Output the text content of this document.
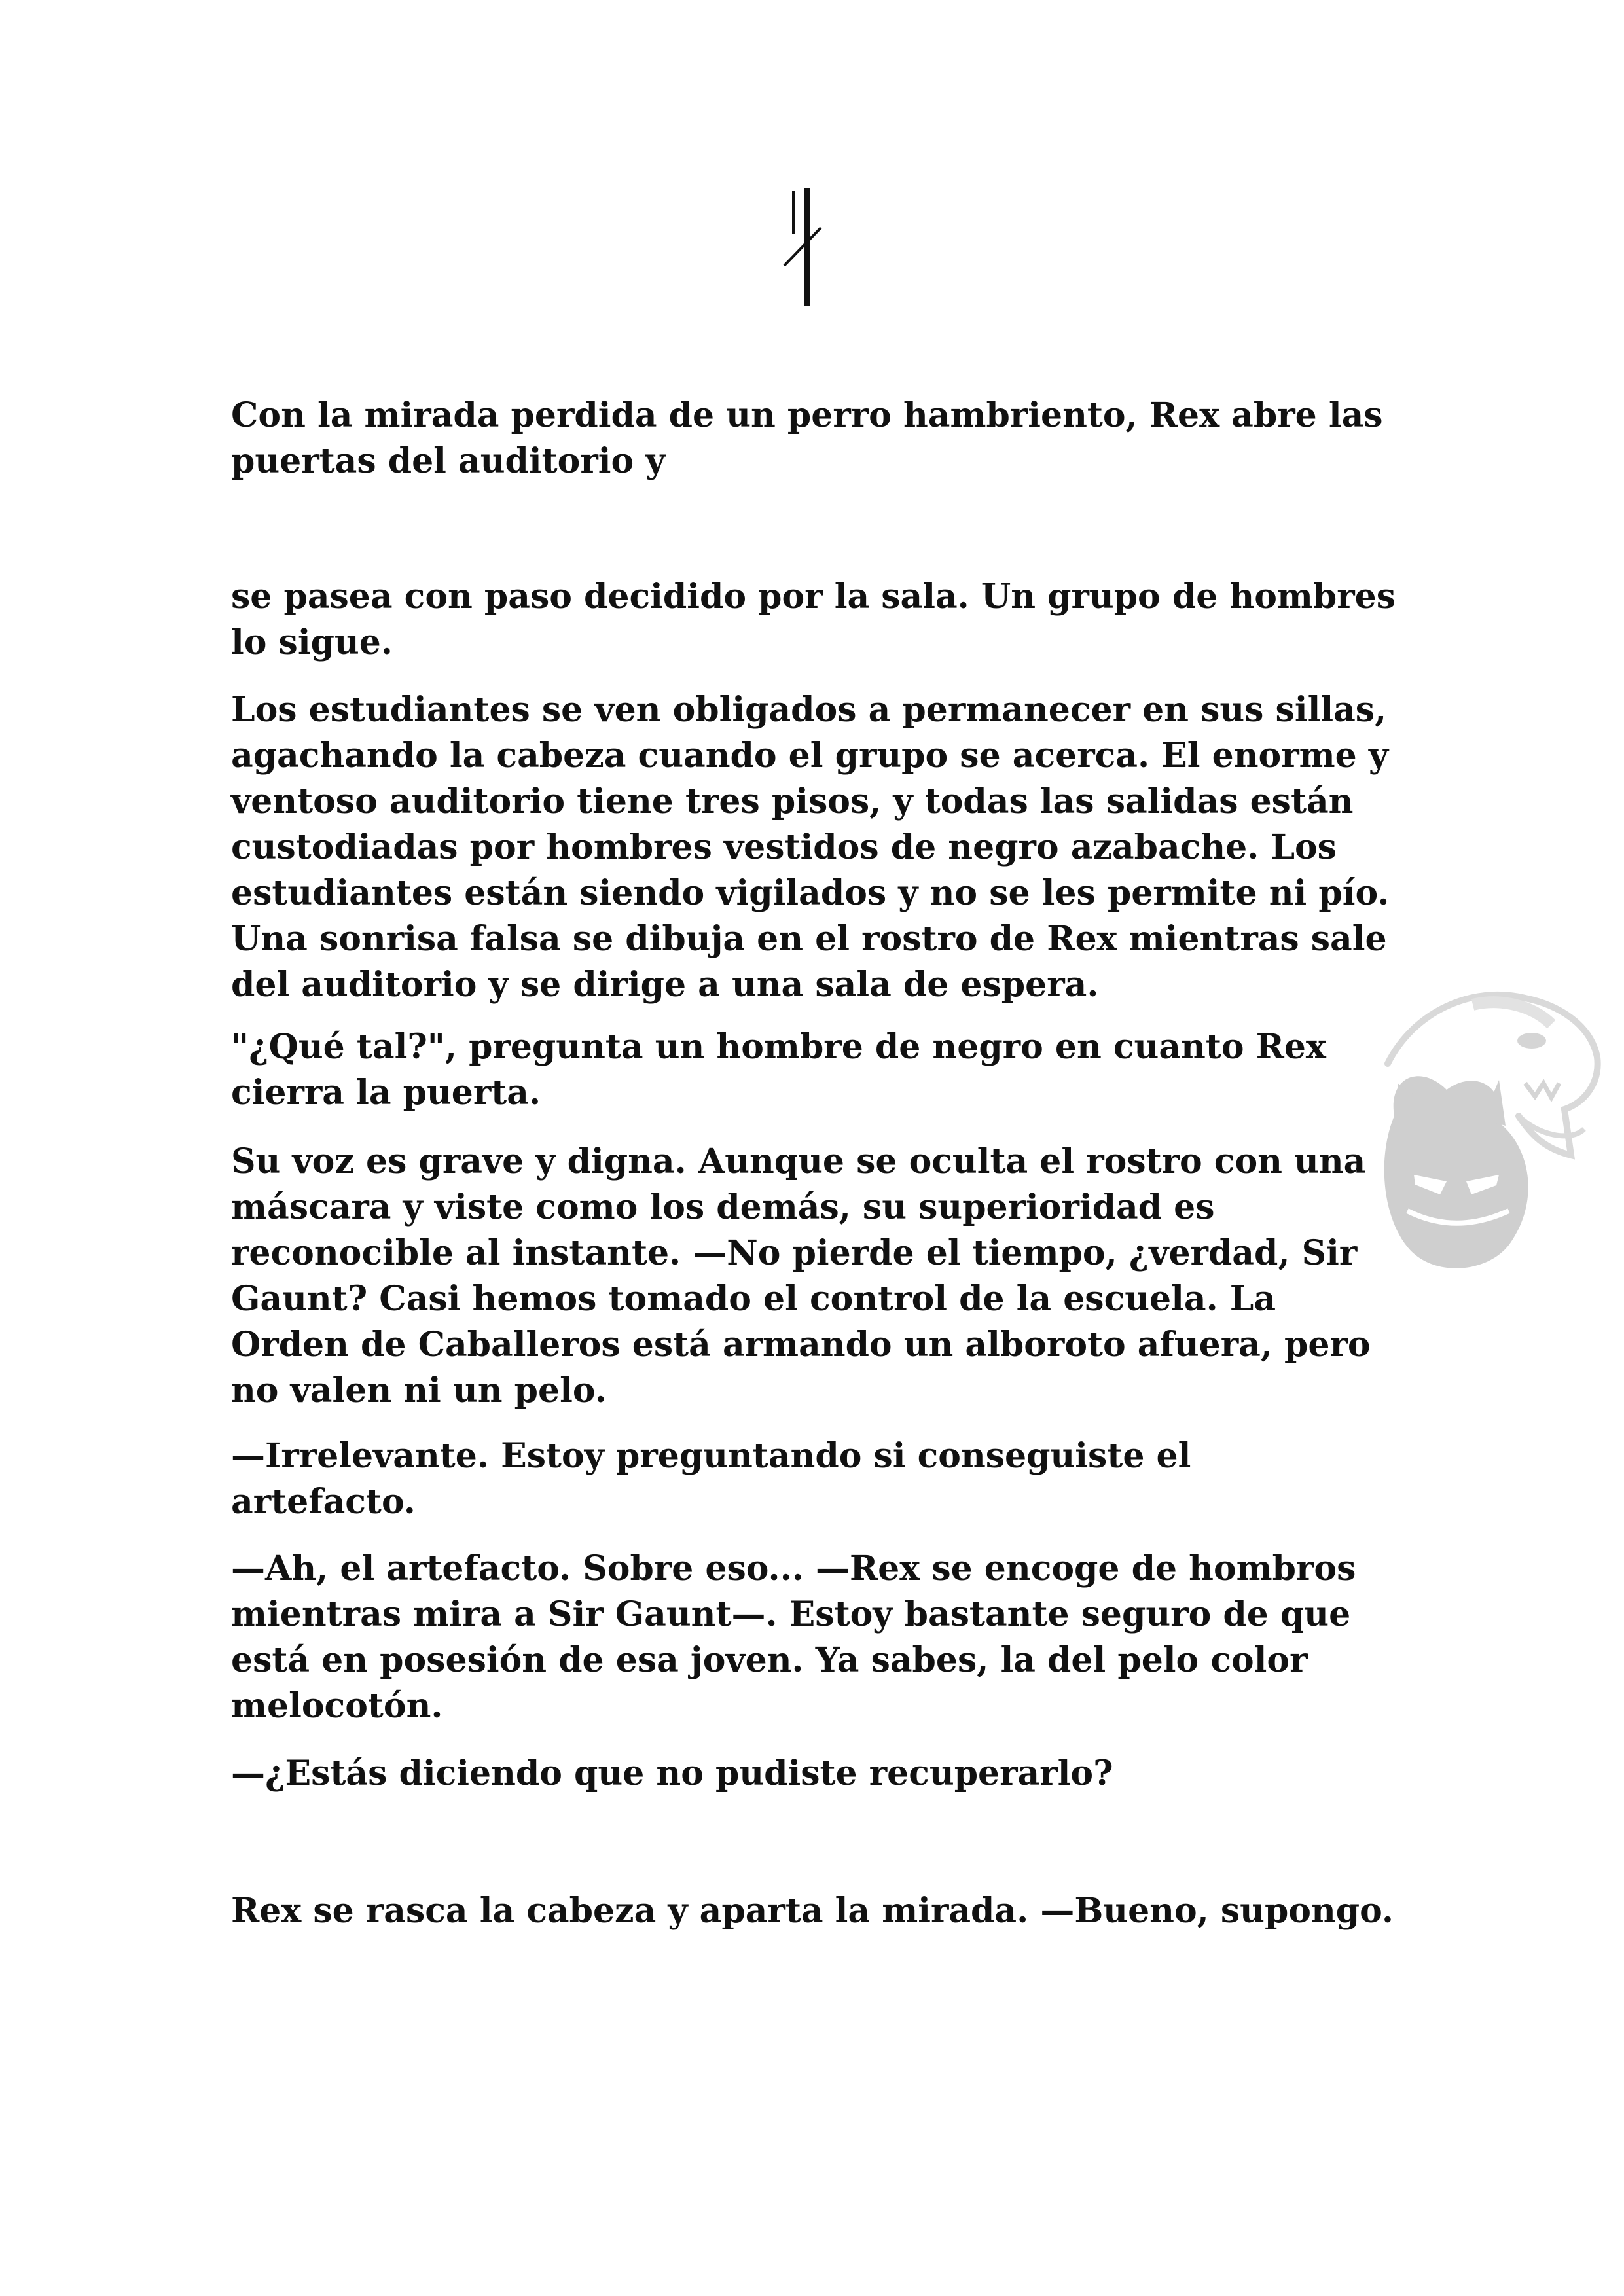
Con la mirada perdida de un perro hambriento, Rex abre las
puertas del auditorio y

se pasea con paso decidido por la sala. Un grupo de hombres
lo sigue.

Los estudiantes se ven obligados a permanecer en sus sillas,
agachando la cabeza cuando el grupo se acerca. El enorme y
ventoso auditorio tiene tres pisos, y todas las salidas están
custodiadas por hombres vestidos de negro azabache. Los
estudiantes están siendo vigilados y no se les permite ni pío.
Una sonrisa falsa se dibuja en el rostro de Rex mientras sale
del auditorio y se dirige a una sala de espera.

"¿Qué tal?", pregunta un hombre de negro en cuanto Rex
cierra la puerta.

Su voz es grave y digna. Aunque se oculta el rostro con una
máscara y viste como los demás, su superioridad es
reconocible al instante. —No pierde el tiempo, ¿verdad, Sir
Gaunt? Casi hemos tomado el control de la escuela. La
Orden de Caballeros está armando un alboroto afuera, pero
no valen ni un pelo.

—Irrelevante. Estoy preguntando si conseguiste el
artefacto.

—Ah, el artefacto. Sobre eso... —Rex se encoge de hombros
mientras mira a Sir Gaunt—. Estoy bastante seguro de que
está en posesión de esa joven. Ya sabes, la del pelo color
melocotón.

—¿Estás diciendo que no pudiste recuperarlo?

Rex se rasca la cabeza y aparta la mirada. —Bueno, supongo.
